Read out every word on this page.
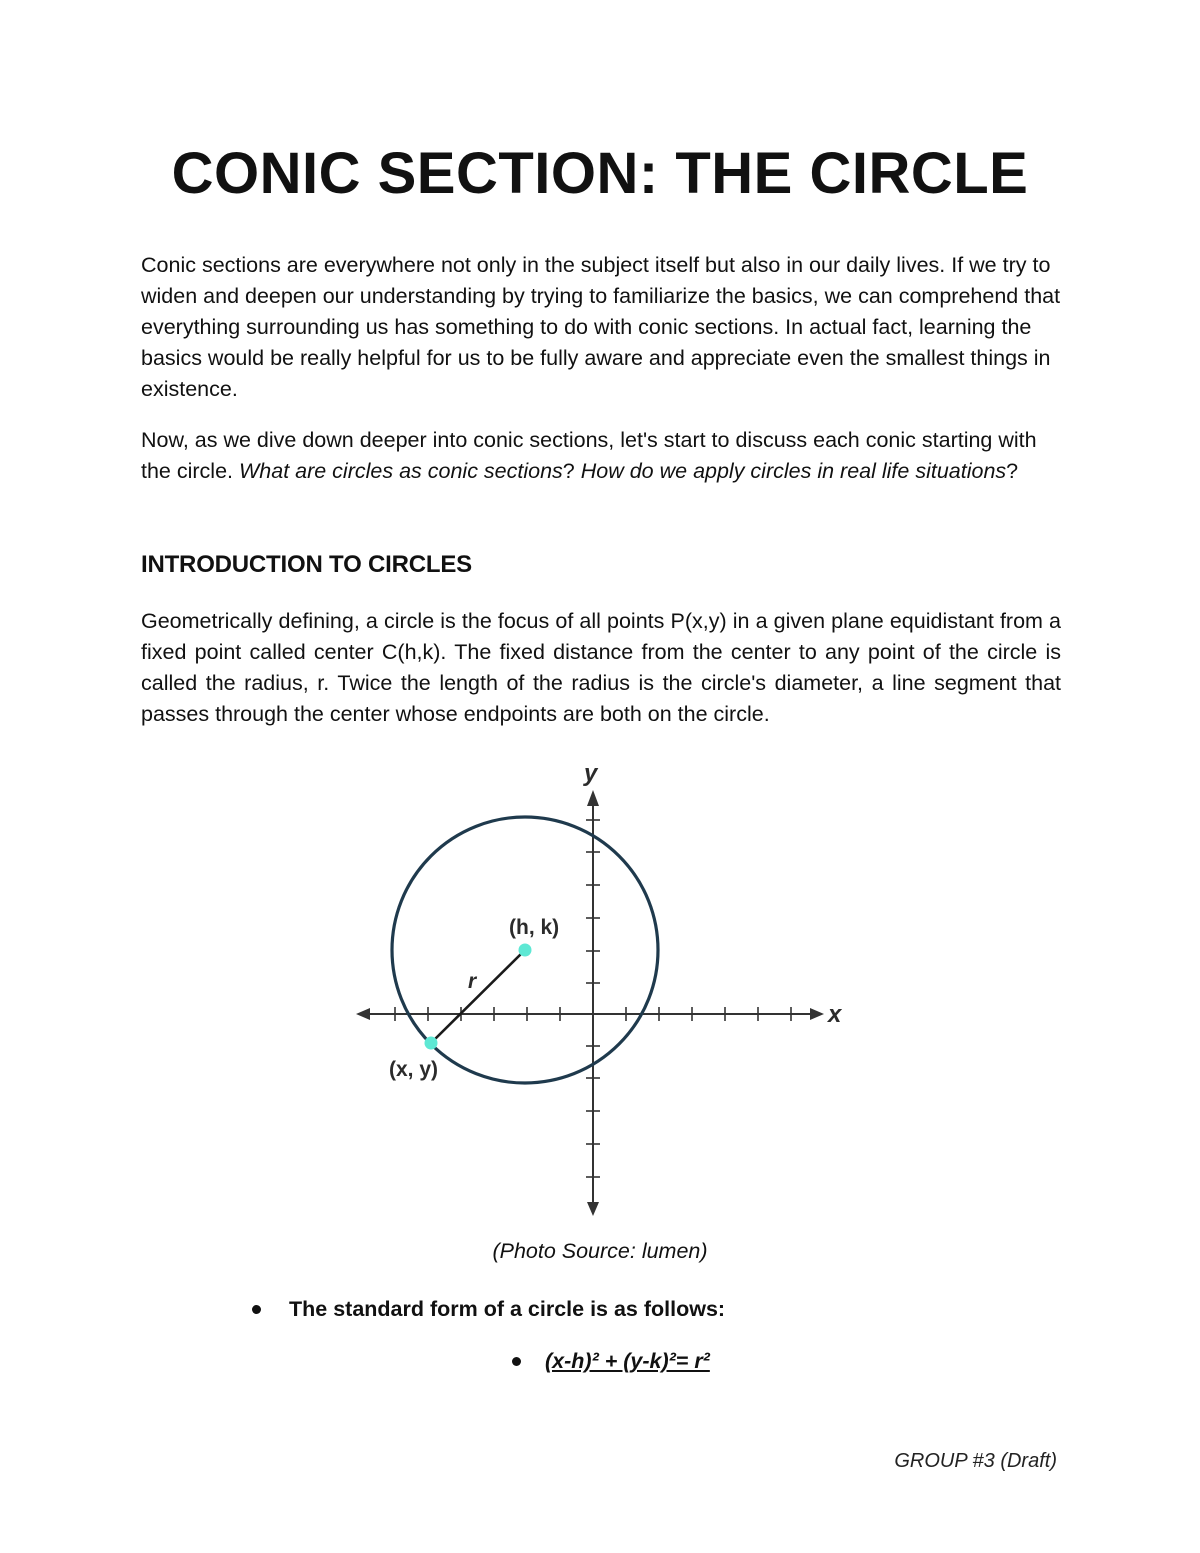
CONIC SECTION: THE CIRCLE

Conic sections are everywhere not only in the subject itself but also in our daily lives. If we try to widen and deepen our understanding by trying to familiarize the basics, we can comprehend that everything surrounding us has something to do with conic sections. In actual fact, learning the basics would be really helpful for us to be fully aware and appreciate even the smallest things in existence.

Now, as we dive down deeper into conic sections, let's start to discuss each conic starting with the circle. What are circles as conic sections? How do we apply circles in real life situations?

INTRODUCTION TO CIRCLES

Geometrically defining, a circle is the focus of all points P(x,y) in a given plane equidistant from a fixed point called center C(h,k). The fixed distance from the center to any point of the circle is called the radius, r. Twice the length of the radius is the circle's diameter, a line segment that passes through the center whose endpoints are both on the circle.

y
x
(h, k)
r
(x, y)

(Photo Source: lumen)

The standard form of a circle is as follows:
(x-h)² + (y-k)²= r²

GROUP #3 (Draft)
